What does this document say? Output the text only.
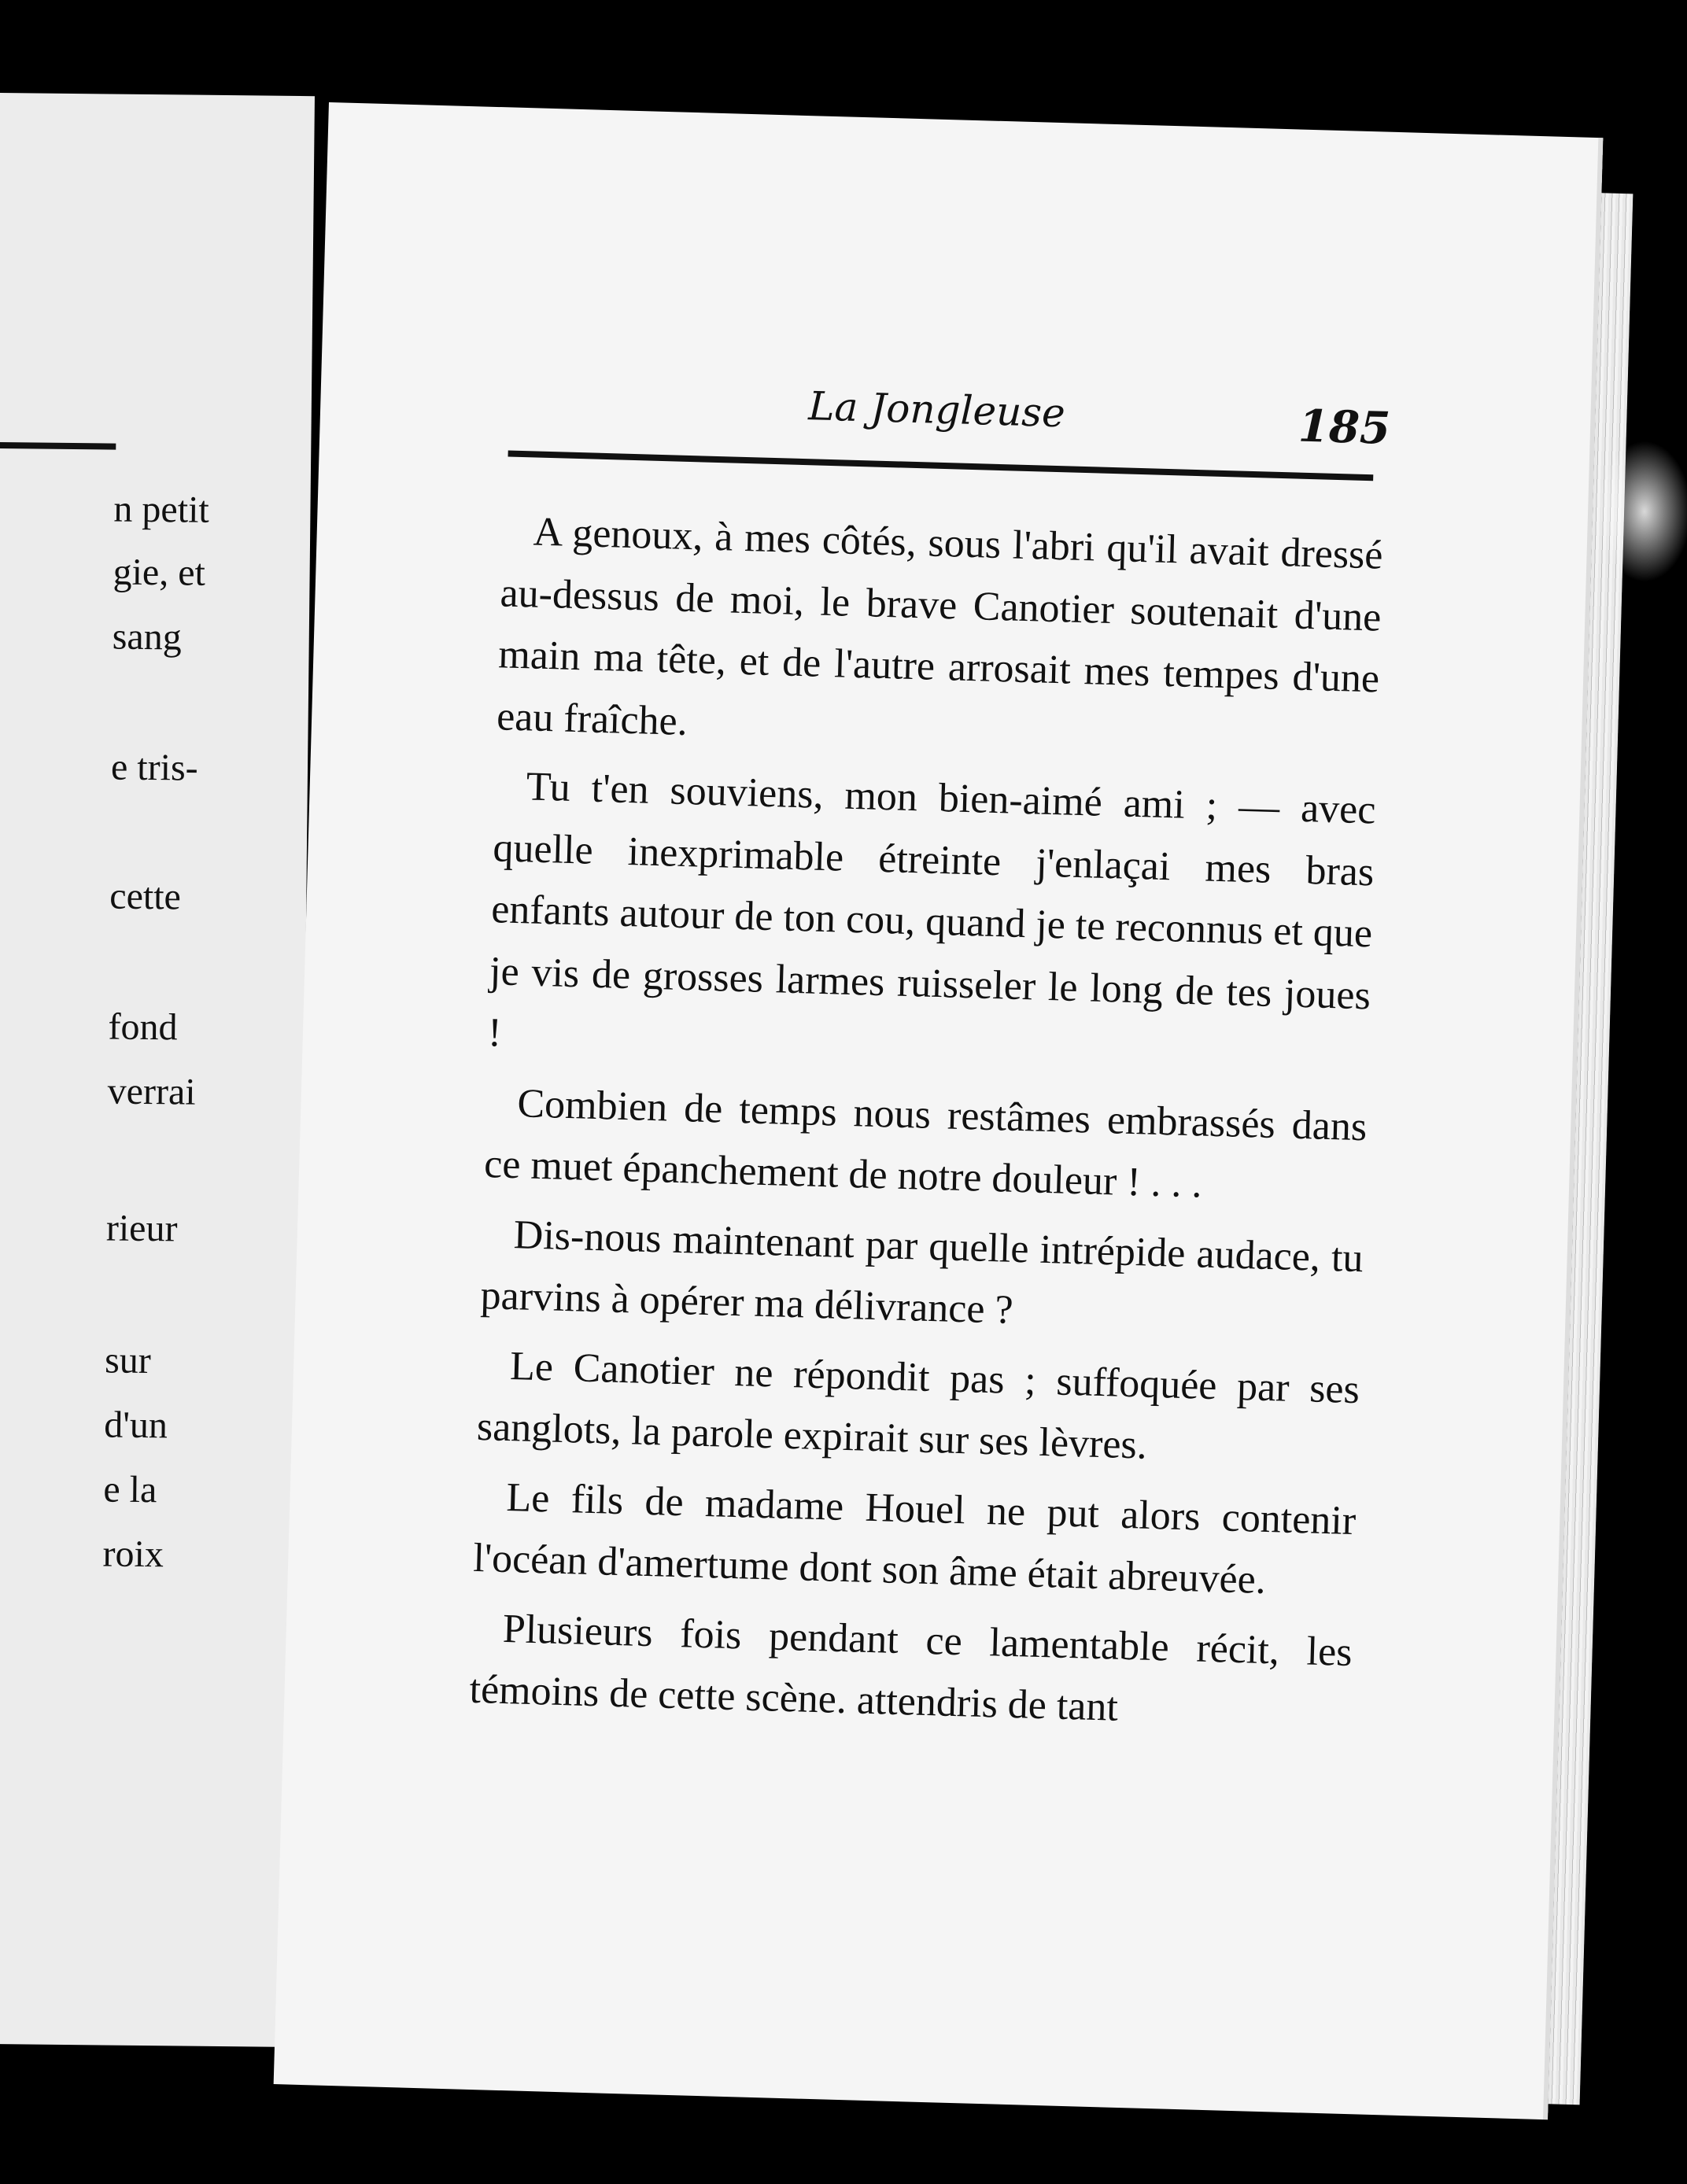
n petit
gie, et
sang
e tris-
cette
fond
verrai
rieur
sur
d'un
e la
roix
La Jongleuse	185

A genoux, à mes côtés, sous l'abri qu'il avait dressé au-dessus de moi, le brave Canotier soutenait d'une main ma tête, et de l'autre arrosait mes tempes d'une eau fraîche.

Tu t'en souviens, mon bien-aimé ami ; — avec quelle inexprimable étreinte j'enlaçai mes bras enfants autour de ton cou, quand je te reconnus et que je vis de grosses larmes ruisseler le long de tes joues !

Combien de temps nous restâmes embrassés dans ce muet épanchement de notre douleur ! . . .

Dis-nous maintenant par quelle intrépide audace, tu parvins à opérer ma délivrance ?

Le Canotier ne répondit pas ; suffoquée par ses sanglots, la parole expirait sur ses lèvres.

Le fils de madame Houel ne put alors contenir l'océan d'amertume dont son âme était abreuvée.

Plusieurs fois pendant ce lamentable récit, les témoins de cette scène. attendris de tant
